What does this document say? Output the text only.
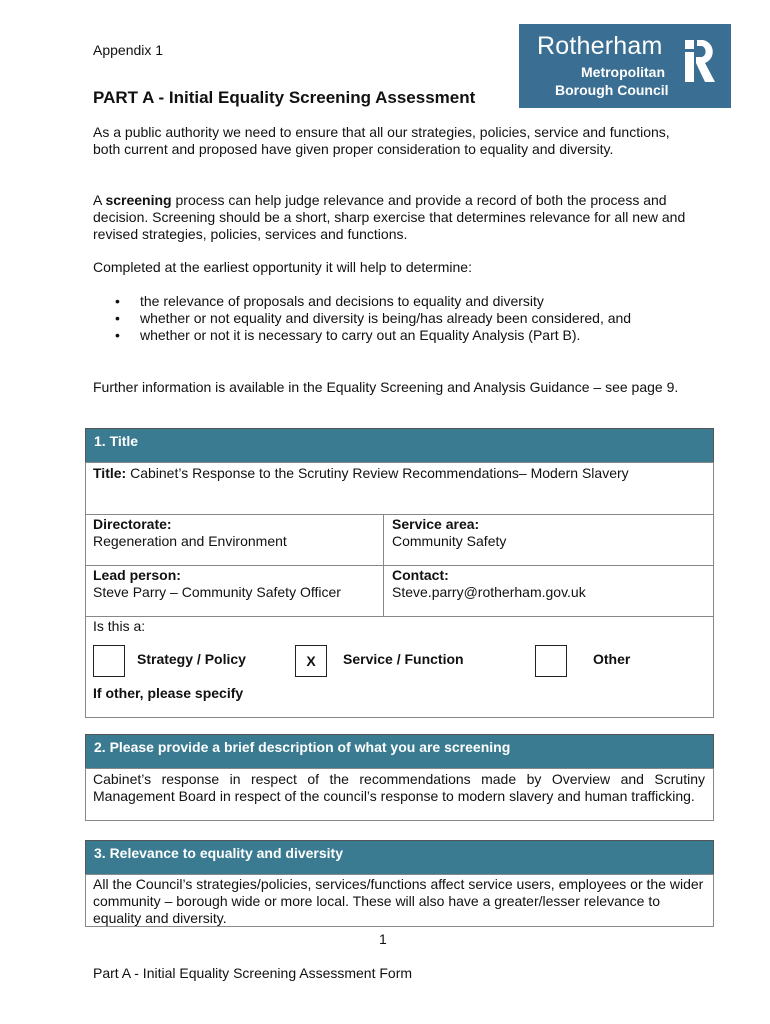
Appendix 1	Rotherham
Metropolitan
Borough Council
PART A - Initial Equality Screening Assessment
As a public authority we need to ensure that all our strategies, policies, service and functions, both current and proposed have given proper consideration to equality and diversity.
A screening process can help judge relevance and provide a record of both the process and decision. Screening should be a short, sharp exercise that determines relevance for all new and revised strategies, policies, services and functions.
Completed at the earliest opportunity it will help to determine:
• the relevance of proposals and decisions to equality and diversity
• whether or not equality and diversity is being/has already been considered, and
• whether or not it is necessary to carry out an Equality Analysis (Part B).
Further information is available in the Equality Screening and Analysis Guidance – see page 9.
1. Title
Title: Cabinet’s Response to the Scrutiny Review Recommendations– Modern Slavery
Directorate:
Regeneration and Environment
Service area:
Community Safety
Lead person:
Steve Parry – Community Safety Officer
Contact:
Steve.parry@rotherham.gov.uk
Is this a:
Strategy / Policy	X	Service / Function	Other
If other, please specify
2. Please provide a brief description of what you are screening
Cabinet’s response in respect of the recommendations made by Overview and Scrutiny Management Board in respect of the council’s response to modern slavery and human trafficking.
3. Relevance to equality and diversity
All the Council’s strategies/policies, services/functions affect service users, employees or the wider community – borough wide or more local. These will also have a greater/lesser relevance to equality and diversity.
1
Part A - Initial Equality Screening Assessment Form
